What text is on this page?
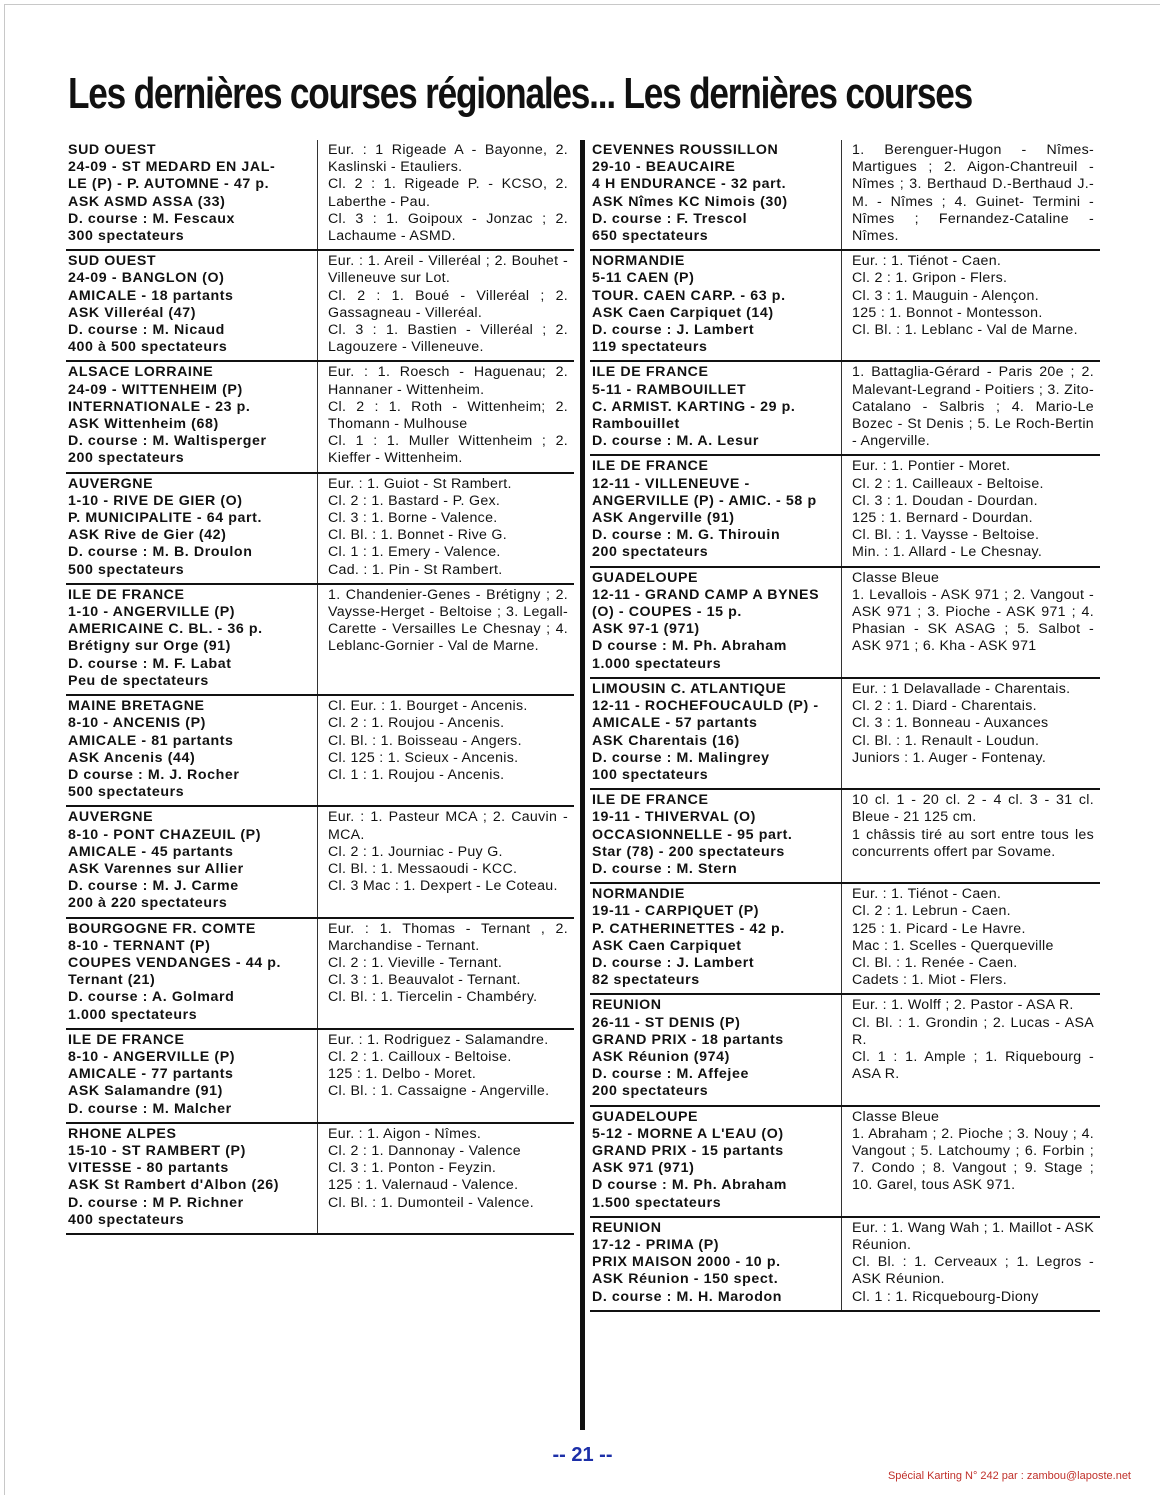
Les dernières courses régionales... Les dernières courses
SUD OUEST
24-09 - ST MEDARD EN JAL-
LE (P) - P. AUTOMNE - 47 p.
ASK ASMD ASSA (33)
D. course : M. Fescaux
300 spectateurs
Eur. : 1 Rigeade A - Bayonne, 2. Kaslinski - Etauliers.
Cl. 2 : 1. Rigeade P. - KCSO, 2. Laberthe - Pau.
Cl. 3 : 1. Goipoux - Jonzac ; 2. Lachaume - ASMD.
SUD OUEST
24-09 - BANGLON (O)
AMICALE - 18 partants
ASK Villeréal (47)
D. course : M. Nicaud
400 à 500 spectateurs
Eur. : 1. Areil - Villeréal ; 2. Bouhet - Villeneuve sur Lot.
Cl. 2 : 1. Boué - Villeréal ; 2. Gassagneau - Villeréal.
Cl. 3 : 1. Bastien - Villeréal ; 2. Lagouzere - Villeneuve.
ALSACE LORRAINE
24-09 - WITTENHEIM (P)
INTERNATIONALE - 23 p.
ASK Wittenheim (68)
D. course : M. Waltisperger
200 spectateurs
Eur. : 1. Roesch - Haguenau; 2. Hannaner - Wittenheim.
Cl. 2 : 1. Roth - Wittenheim; 2. Thomann - Mulhouse
Cl. 1 : 1. Muller Wittenheim ; 2. Kieffer - Wittenheim.
AUVERGNE
1-10 - RIVE DE GIER (O)
P. MUNICIPALITE - 64 part.
ASK Rive de Gier (42)
D. course : M. B. Droulon
500 spectateurs
Eur. : 1. Guiot - St Rambert.
Cl. 2 : 1. Bastard - P. Gex.
Cl. 3 : 1. Borne - Valence.
Cl. Bl. : 1. Bonnet - Rive G.
Cl. 1 : 1. Emery - Valence.
Cad. : 1. Pin - St Rambert.
ILE DE FRANCE
1-10 - ANGERVILLE (P)
AMERICAINE C. BL. - 36 p.
Brétigny sur Orge (91)
D. course : M. F. Labat
Peu de spectateurs
1. Chandenier-Genes - Brétigny ; 2. Vaysse-Herget - Beltoise ; 3. Legall-Carette - Versailles Le Chesnay ; 4. Leblanc-Gornier - Val de Marne.
MAINE BRETAGNE
8-10 - ANCENIS (P)
AMICALE - 81 partants
ASK Ancenis (44)
D course : M. J. Rocher
500 spectateurs
Cl. Eur. : 1. Bourget - Ancenis.
Cl. 2 : 1. Roujou - Ancenis.
Cl. Bl. : 1. Boisseau - Angers.
Cl. 125 : 1. Scieux - Ancenis.
Cl. 1 : 1. Roujou - Ancenis.
AUVERGNE
8-10 - PONT CHAZEUIL (P)
AMICALE - 45 partants
ASK Varennes sur Allier
D. course : M. J. Carme
200 à 220 spectateurs
Eur. : 1. Pasteur MCA ; 2. Cauvin - MCA.
Cl. 2 : 1. Journiac - Puy G.
Cl. Bl. : 1. Messaoudi - KCC.
Cl. 3 Mac : 1. Dexpert - Le Coteau.
BOURGOGNE FR. COMTE
8-10 - TERNANT (P)
COUPES VENDANGES - 44 p.
Ternant (21)
D. course : A. Golmard
1.000 spectateurs
Eur. : 1. Thomas - Ternant , 2. Marchandise - Ternant.
Cl. 2 : 1. Vieville - Ternant.
Cl. 3 : 1. Beauvalot - Ternant.
Cl. Bl. : 1. Tiercelin - Chambéry.
ILE DE FRANCE
8-10 - ANGERVILLE (P)
AMICALE - 77 partants
ASK Salamandre (91)
D. course : M. Malcher
Eur. : 1. Rodriguez - Salamandre.
Cl. 2 : 1. Cailloux - Beltoise.
125 : 1. Delbo - Moret.
Cl. Bl. : 1. Cassaigne - Angerville.
RHONE ALPES
15-10 - ST RAMBERT (P)
VITESSE - 80 partants
ASK St Rambert d'Albon (26)
D. course : M P. Richner
400 spectateurs
Eur. : 1. Aigon - Nîmes.
Cl. 2 : 1. Dannonay - Valence
Cl. 3 : 1. Ponton - Feyzin.
125 : 1. Valernaud - Valence.
Cl. Bl. : 1. Dumonteil - Valence.
CEVENNES ROUSSILLON
29-10 - BEAUCAIRE
4 H ENDURANCE - 32 part.
ASK Nîmes KC Nimois (30)
D. course : F. Trescol
650 spectateurs
1. Berenguer-Hugon - Nîmes-Martigues ; 2. Aigon-Chantreuil - Nîmes ; 3. Berthaud D.-Berthaud J.-M. - Nîmes ; 4. Guinet- Termini - Nîmes ; Fernandez-Cataline - Nîmes.
NORMANDIE
5-11 CAEN (P)
TOUR. CAEN CARP. - 63 p.
ASK Caen Carpiquet (14)
D. course : J. Lambert
119 spectateurs
Eur. : 1. Tiénot - Caen.
Cl. 2 : 1. Gripon - Flers.
Cl. 3 : 1. Mauguin - Alençon.
125 : 1. Bonnot - Montesson.
Cl. Bl. : 1. Leblanc - Val de Marne.
ILE DE FRANCE
5-11 - RAMBOUILLET
C. ARMIST. KARTING - 29 p.
Rambouillet
D. course : M. A. Lesur
1. Battaglia-Gérard - Paris 20e ; 2. Malevant-Legrand - Poitiers ; 3. Zito-Catalano - Salbris ; 4. Mario-Le Bozec - St Denis ; 5. Le Roch-Bertin - Angerville.
ILE DE FRANCE
12-11 - VILLENEUVE - ANGERVILLE (P) - AMIC. - 58 p
ASK Angerville (91)
D. course : M. G. Thirouin
200 spectateurs
Eur. : 1. Pontier - Moret.
Cl. 2 : 1. Cailleaux - Beltoise.
Cl. 3 : 1. Doudan - Dourdan.
125 : 1. Bernard - Dourdan.
Cl. Bl. : 1. Vaysse - Beltoise.
Min. : 1. Allard - Le Chesnay.
GUADELOUPE
12-11 - GRAND CAMP A BYNES (O) - COUPES - 15 p.
ASK 97-1 (971)
D course : M. Ph. Abraham
1.000 spectateurs
Classe Bleue
1. Levallois - ASK 971 ; 2. Vangout - ASK 971 ; 3. Pioche - ASK 971 ; 4. Phasian - SK ASAG ; 5. Salbot - ASK 971 ; 6. Kha - ASK 971
LIMOUSIN C. ATLANTIQUE
12-11 - ROCHEFOUCAULD (P) - AMICALE - 57 partants
ASK Charentais (16)
D. course : M. Malingrey
100 spectateurs
Eur. : 1 Delavallade - Charentais.
Cl. 2 : 1. Diard - Charentais.
Cl. 3 : 1. Bonneau - Auxances
Cl. Bl. : 1. Renault - Loudun.
Juniors : 1. Auger - Fontenay.
ILE DE FRANCE
19-11 - THIVERVAL (O)
OCCASIONNELLE - 95 part.
Star (78) - 200 spectateurs
D. course : M. Stern
10 cl. 1 - 20 cl. 2 - 4 cl. 3 - 31 cl. Bleue - 21 125 cm.
1 châssis tiré au sort entre tous les concurrents offert par Sovame.
NORMANDIE
19-11 - CARPIQUET (P)
P. CATHERINETTES - 42 p.
ASK Caen Carpiquet
D. course : J. Lambert
82 spectateurs
Eur. : 1. Tiénot - Caen.
Cl. 2 : 1. Lebrun - Caen.
125 : 1. Picard - Le Havre.
Mac : 1. Scelles - Querqueville
Cl. Bl. : 1. Renée - Caen.
Cadets : 1. Miot - Flers.
REUNION
26-11 - ST DENIS (P)
GRAND PRIX - 18 partants
ASK Réunion (974)
D. course : M. Affejee
200 spectateurs
Eur. : 1. Wolff ; 2. Pastor - ASA R.
Cl. Bl. : 1. Grondin ; 2. Lucas - ASA R.
Cl. 1 : 1. Ample ; 1. Riquebourg - ASA R.
GUADELOUPE
5-12 - MORNE A L'EAU (O)
GRAND PRIX - 15 partants
ASK 971 (971)
D course : M. Ph. Abraham
1.500 spectateurs
Classe Bleue
1. Abraham ; 2. Pioche ; 3. Nouy ; 4. Vangout ; 5. Latchoumy ; 6. Forbin ; 7. Condo ; 8. Vangout ; 9. Stage ; 10. Garel, tous ASK 971.
REUNION
17-12 - PRIMA (P)
PRIX MAISON 2000 - 10 p.
ASK Réunion - 150 spect.
D. course : M. H. Marodon
Eur. : 1. Wang Wah ; 1. Maillot - ASK Réunion.
Cl. Bl. : 1. Cerveaux ; 1. Legros - ASK Réunion.
Cl. 1 : 1. Ricquebourg-Diony
-- 21 --
Spécial Karting N° 242 par : zambou@laposte.net
